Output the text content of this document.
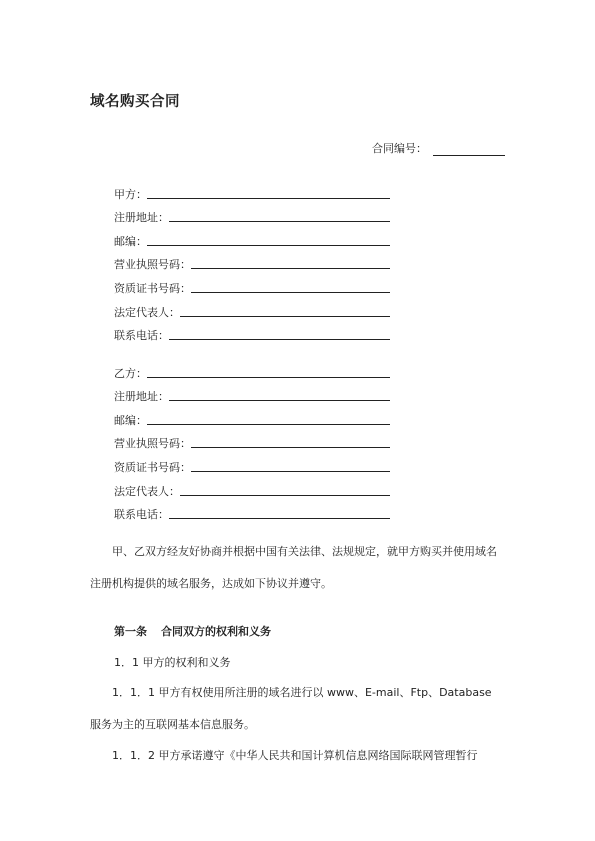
域名购买合同
合同编号：
甲方：
注册地址：
邮编：
营业执照号码：
资质证书号码：
法定代表人：
联系电话：
乙方：
注册地址：
邮编：
营业执照号码：
资质证书号码：
法定代表人：
联系电话：
甲、乙双方经友好协商并根据中国有关法律、法规规定，就甲方购买并使用域名注册机构提供的域名服务，达成如下协议并遵守。
第一条 合同双方的权利和义务
1．1 甲方的权利和义务
1．1．1 甲方有权使用所注册的域名进行以 www、E-mail、Ftp、Database 服务为主的互联网基本信息服务。
1．1．2 甲方承诺遵守《中华人民共和国计算机信息网络国际联网管理暂行
